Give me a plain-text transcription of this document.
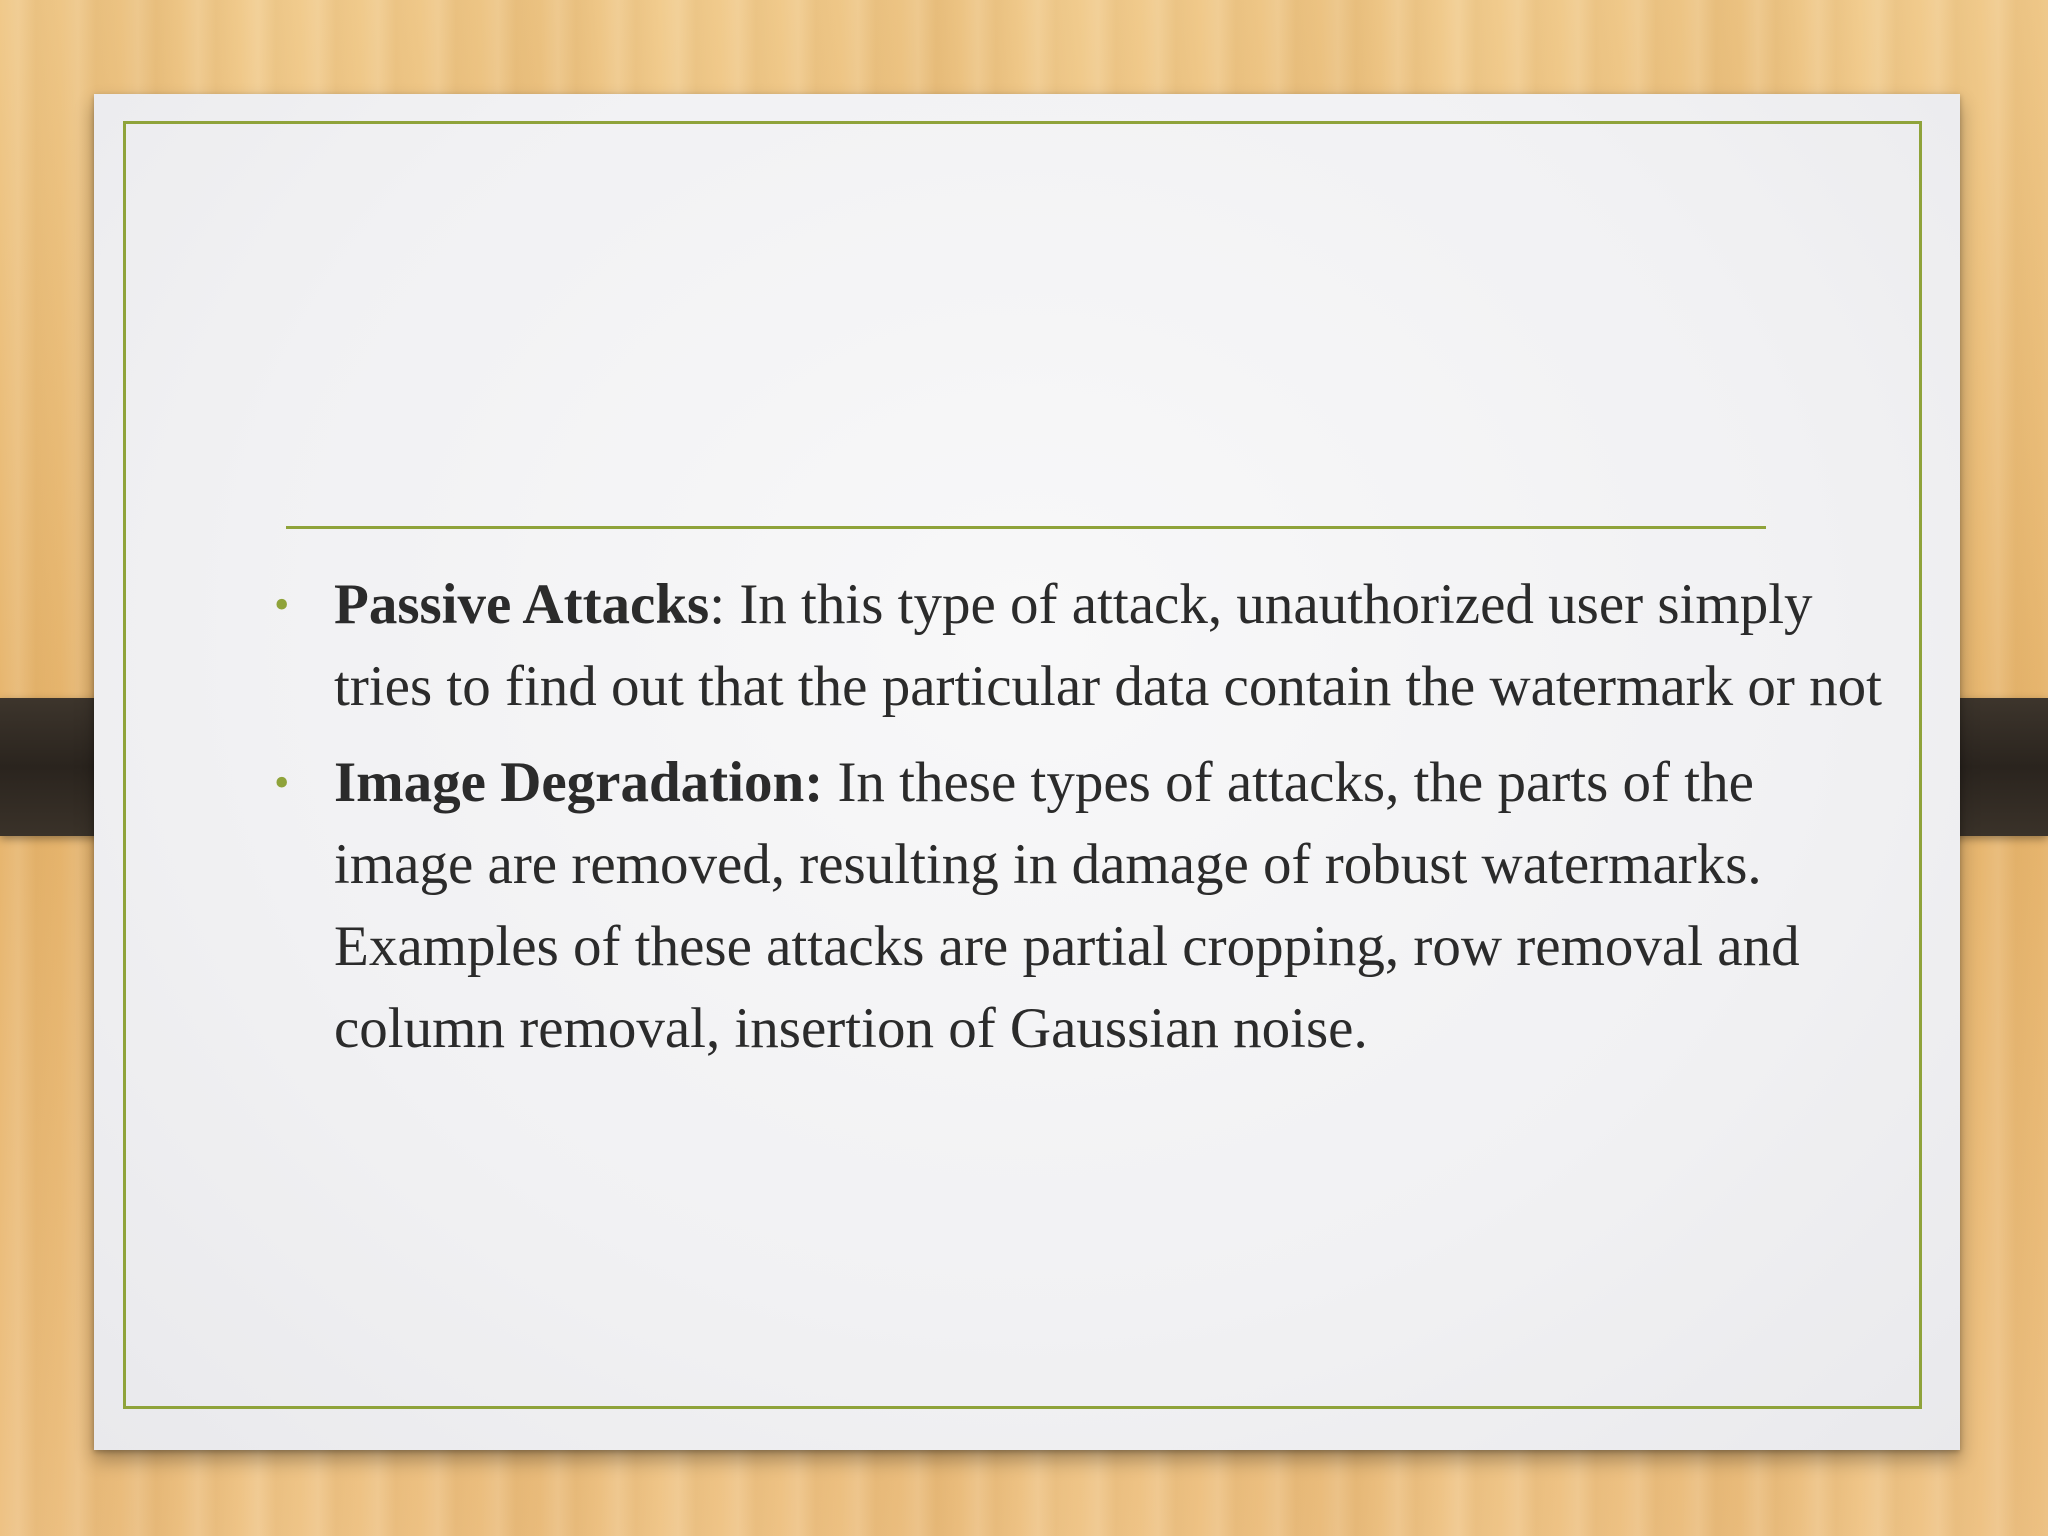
• Passive Attacks: In this type of attack, unauthorized user simply tries to find out that the particular data contain the watermark or not
• Image Degradation: In these types of attacks, the parts of the image are removed, resulting in damage of robust watermarks. Examples of these attacks are partial cropping, row removal and column removal, insertion of Gaussian noise.
